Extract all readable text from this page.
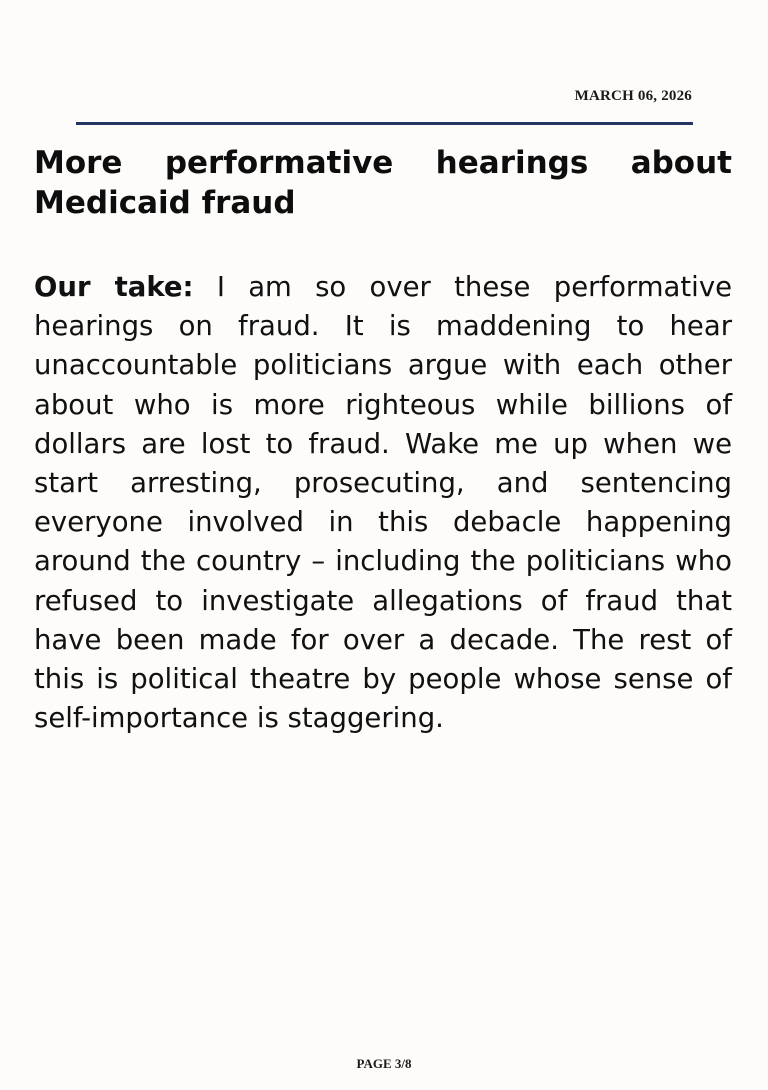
MARCH 06, 2026
More performative hearings about Medicaid fraud

Our take: I am so over these performative hearings on fraud. It is maddening to hear unaccountable politicians argue with each other about who is more righteous while billions of dollars are lost to fraud. Wake me up when we start arresting, prosecuting, and sentencing everyone involved in this debacle happening around the country – including the politicians who refused to investigate allegations of fraud that have been made for over a decade. The rest of this is political theatre by people whose sense of self-importance is staggering.

PAGE 3/8
